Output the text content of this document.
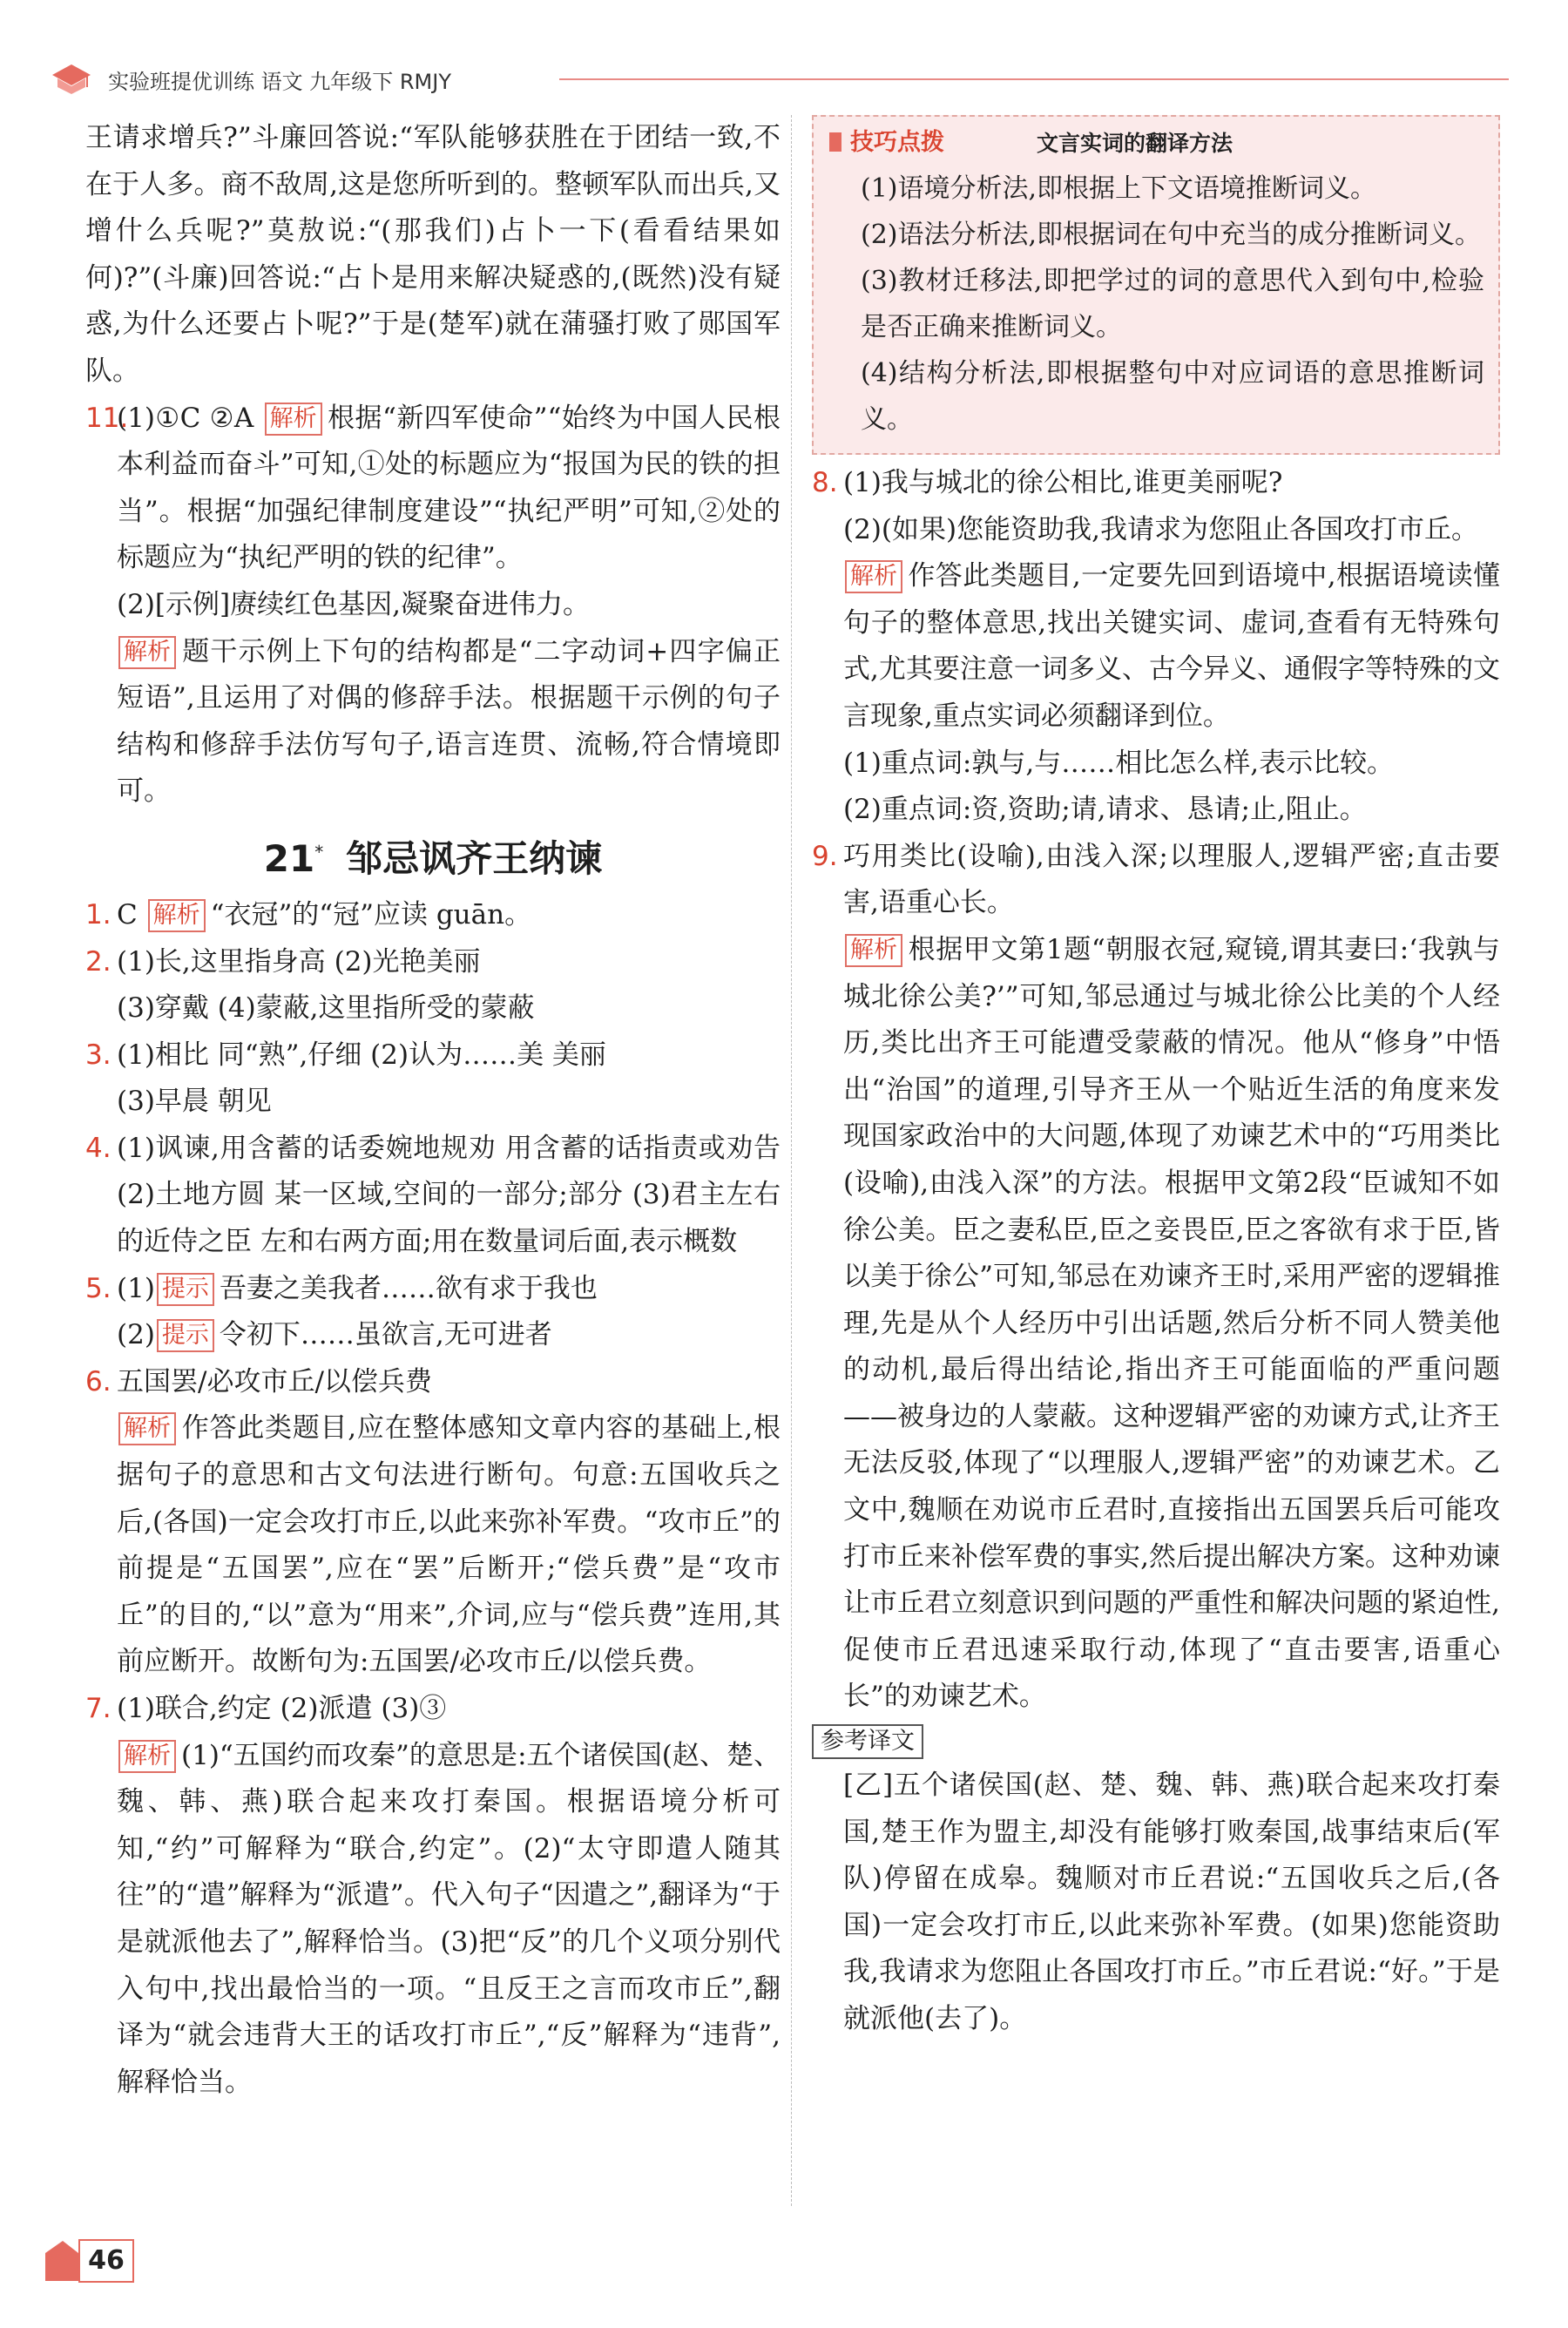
实验班提优训练 语文 九年级下 RMJY

王请求增兵?”斗廉回答说:“军队能够获胜在于团结一致,不在于人多。商不敌周,这是您所听到的。整顿军队而出兵,又增什么兵呢?”莫敖说:“(那我们)占卜一下(看看结果如何)?”(斗廉)回答说:“占卜是用来解决疑惑的,(既然)没有疑惑,为什么还要占卜呢?”于是(楚军)就在蒲骚打败了郧国军队。

11.

(1)①C ②A 解析 根据“新四军使命”“始终为中国人民根本利益而奋斗”可知,①处的标题应为“报国为民的铁的担当”。根据“加强纪律制度建设”“执纪严明”可知,②处的标题应为“执纪严明的铁的纪律”。

(2)[示例]赓续红色基因,凝聚奋进伟力。

解析 题干示例上下句的结构都是“二字动词+四字偏正短语”,且运用了对偶的修辞手法。根据题干示例的句子结构和修辞手法仿写句子,语言连贯、流畅,符合情境即可。

21* 邹忌讽齐王纳谏
1. C 解析 “衣冠”的“冠”应读 guān。

2. (1)长,这里指身高 (2)光艳美丽

(3)穿戴 (4)蒙蔽,这里指所受的蒙蔽

3. (1)相比 同“熟”,仔细 (2)认为……美 美丽

(3)早晨 朝见

4. (1)讽谏,用含蓄的话委婉地规劝 用含蓄的话指责或劝告 (2)土地方圆 某一区域,空间的一部分;部分 (3)君主左右的近侍之臣 左和右两方面;用在数量词后面,表示概数

5. (1) 提示 吾妻之美我者……欲有求于我也

(2) 提示 令初下……虽欲言,无可进者

6. 五国罢/必攻市丘/以偿兵费

解析 作答此类题目,应在整体感知文章内容的基础上,根据句子的意思和古文句法进行断句。句意:五国收兵之后,(各国)一定会攻打市丘,以此来弥补军费。“攻市丘”的前提是“五国罢”,应在“罢”后断开;“偿兵费”是“攻市丘”的目的,“以”意为“用来”,介词,应与“偿兵费”连用,其前应断开。故断句为:五国罢/必攻市丘/以偿兵费。

7. (1)联合,约定 (2)派遣 (3)③

解析 (1)“五国约而攻秦”的意思是:五个诸侯国(赵、楚、魏、韩、燕)联合起来攻打秦国。根据语境分析可知,“约”可解释为“联合,约定”。(2)“太守即遣人随其往”的“遣”解释为“派遣”。代入句子“因遣之”,翻译为“于是就派他去了”,解释恰当。(3)把“反”的几个义项分别代入句中,找出最恰当的一项。“且反王之言而攻市丘”,翻译为“就会违背大王的话攻打市丘”,“反”解释为“违背”,解释恰当。

技巧点拨	文言实词的翻译方法

(1)语境分析法,即根据上下文语境推断词义。

(2)语法分析法,即根据词在句中充当的成分推断词义。

(3)教材迁移法,即把学过的词的意思代入到句中,检验是否正确来推断词义。

(4)结构分析法,即根据整句中对应词语的意思推断词义。

8. (1)我与城北的徐公相比,谁更美丽呢?

(2)(如果)您能资助我,我请求为您阻止各国攻打市丘。

解析 作答此类题目,一定要先回到语境中,根据语境读懂句子的整体意思,找出关键实词、虚词,查看有无特殊句式,尤其要注意一词多义、古今异义、通假字等特殊的文言现象,重点实词必须翻译到位。

(1)重点词:孰与,与……相比怎么样,表示比较。

(2)重点词:资,资助;请,请求、恳请;止,阻止。

9. 巧用类比(设喻),由浅入深;以理服人,逻辑严密;直击要害,语重心长。

解析 根据甲文第1题“朝服衣冠,窥镜,谓其妻曰:‘我孰与城北徐公美?’”可知,邹忌通过与城北徐公比美的个人经历,类比出齐王可能遭受蒙蔽的情况。他从“修身”中悟出“治国”的道理,引导齐王从一个贴近生活的角度来发现国家政治中的大问题,体现了劝谏艺术中的“巧用类比(设喻),由浅入深”的方法。根据甲文第2段“臣诚知不如徐公美。臣之妻私臣,臣之妾畏臣,臣之客欲有求于臣,皆以美于徐公”可知,邹忌在劝谏齐王时,采用严密的逻辑推理,先是从个人经历中引出话题,然后分析不同人赞美他的动机,最后得出结论,指出齐王可能面临的严重问题——被身边的人蒙蔽。这种逻辑严密的劝谏方式,让齐王无法反驳,体现了“以理服人,逻辑严密”的劝谏艺术。乙文中,魏顺在劝说市丘君时,直接指出五国罢兵后可能攻打市丘来补偿军费的事实,然后提出解决方案。这种劝谏让市丘君立刻意识到问题的严重性和解决问题的紧迫性,促使市丘君迅速采取行动,体现了“直击要害,语重心长”的劝谏艺术。

参考译文

[乙]五个诸侯国(赵、楚、魏、韩、燕)联合起来攻打秦国,楚王作为盟主,却没有能够打败秦国,战事结束后(军队)停留在成皋。魏顺对市丘君说:“五国收兵之后,(各国)一定会攻打市丘,以此来弥补军费。(如果)您能资助我,我请求为您阻止各国攻打市丘。”市丘君说:“好。”于是就派他(去了)。

46
